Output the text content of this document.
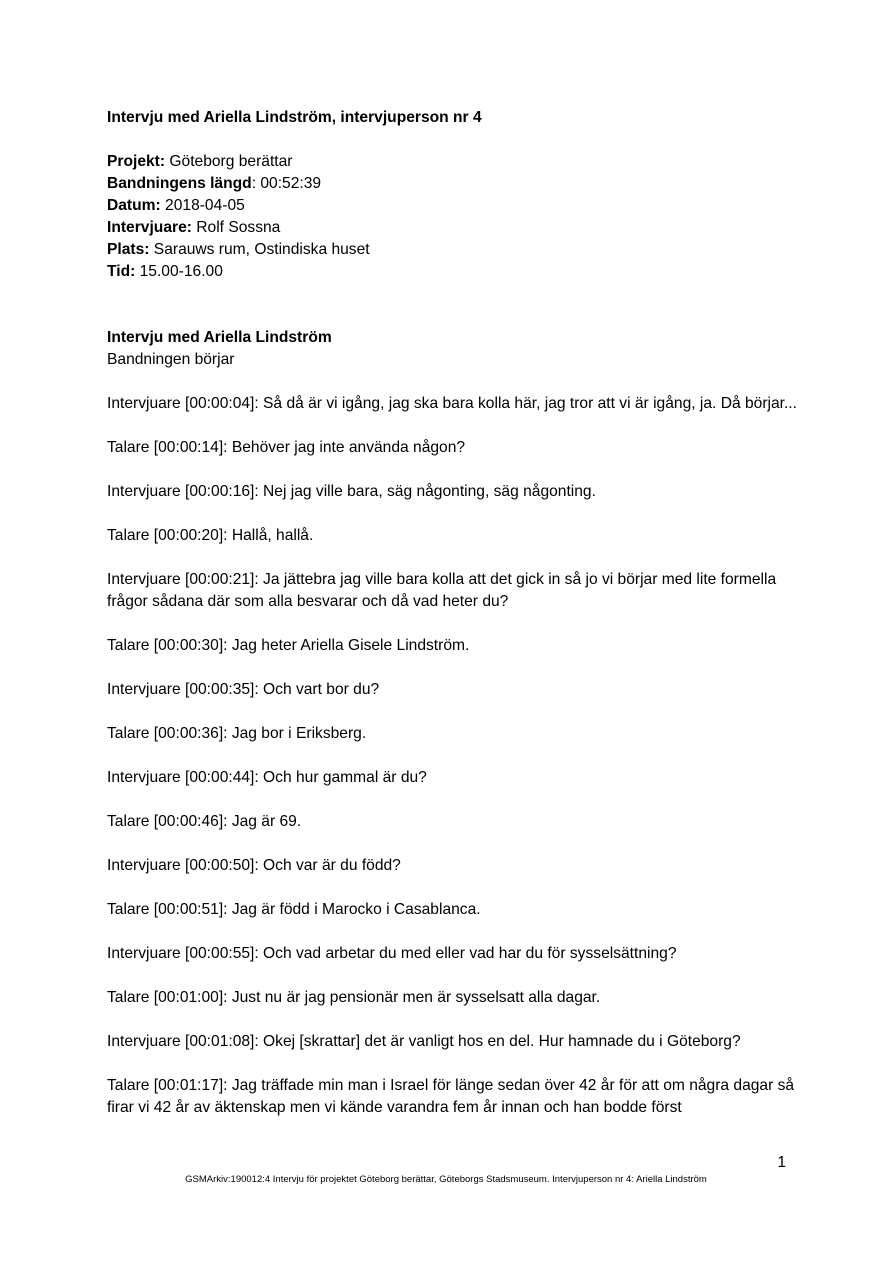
Intervju med Ariella Lindström, intervjuperson nr 4

Projekt: Göteborg berättar

Bandningens längd: 00:52:39

Datum: 2018-04-05

Intervjuare: Rolf Sossna

Plats: Sarauws rum, Ostindiska huset

Tid: 15.00-16.00

Intervju med Ariella Lindström
Bandningen börjar

Intervjuare [00:00:04]: Så då är vi igång, jag ska bara kolla här, jag tror att vi är igång, ja. Då börjar...

Talare [00:00:14]: Behöver jag inte använda någon?

Intervjuare [00:00:16]: Nej jag ville bara, säg någonting, säg någonting.

Talare [00:00:20]: Hallå, hallå.

Intervjuare [00:00:21]: Ja jättebra jag ville bara kolla att det gick in så jo vi börjar med lite formella frågor sådana där som alla besvarar och då vad heter du?

Talare [00:00:30]: Jag heter Ariella Gisele Lindström.

Intervjuare [00:00:35]: Och vart bor du?

Talare [00:00:36]: Jag bor i Eriksberg.

Intervjuare [00:00:44]: Och hur gammal är du?

Talare [00:00:46]: Jag är 69.

Intervjuare [00:00:50]: Och var är du född?

Talare [00:00:51]: Jag är född i Marocko i Casablanca.

Intervjuare [00:00:55]: Och vad arbetar du med eller vad har du för sysselsättning?

Talare [00:01:00]: Just nu är jag pensionär men är sysselsatt alla dagar.

Intervjuare [00:01:08]: Okej [skrattar] det är vanligt hos en del. Hur hamnade du i Göteborg?

Talare [00:01:17]: Jag träffade min man i Israel för länge sedan över 42 år för att om några dagar så firar vi 42 år av äktenskap men vi kände varandra fem år innan och han bodde först

1
GSMArkiv:190012:4 Intervju för projektet Göteborg berättar, Göteborgs Stadsmuseum. Intervjuperson nr 4: Ariella Lindström
